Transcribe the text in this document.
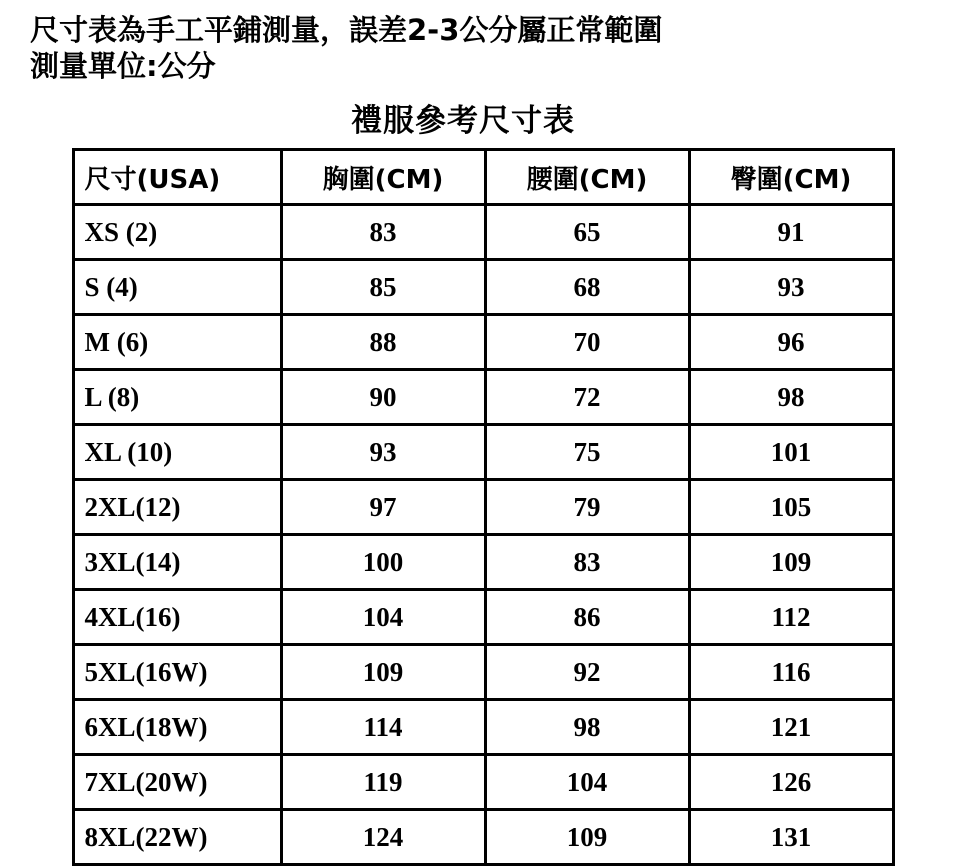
尺寸表為手工平鋪測量，誤差2-3公分屬正常範圍
測量單位:公分
禮服參考尺寸表
尺寸(USA)	胸圍(CM)	腰圍(CM)	臀圍(CM)
XS (2)	83	65	91
S (4)	85	68	93
M (6)	88	70	96
L (8)	90	72	98
XL (10)	93	75	101
2XL(12)	97	79	105
3XL(14)	100	83	109
4XL(16)	104	86	112
5XL(16W)	109	92	116
6XL(18W)	114	98	121
7XL(20W)	119	104	126
8XL(22W)	124	109	131
